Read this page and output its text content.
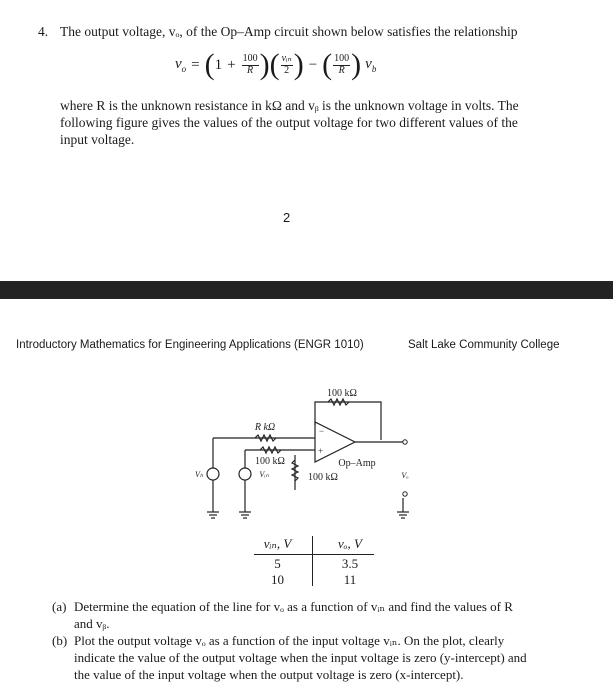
4. The output voltage, vₒ, of the Op–Amp circuit shown below satisfies the relationship
$v_o$ = ( $1 + \frac{100}{R}$ ) ( $\frac{\text{vᵢₙ}}{2}$ ) − ( $\frac{100}{R}$ ) $v_b$
where R is the unknown resistance in kΩ and vᵦ is the unknown voltage in volts. The
following figure gives the values of the output voltage for two different values of the
input voltage.
2
Introductory Mathematics for Engineering Applications (ENGR 1010)	Salt Lake Community College
100 kΩ
R kΩ
100 kΩ	Op–Amp
100 kΩ
Vₕ	Vᵢₙ	Vₒ
−
+
vᵢₙ, V	vₒ, V
5	3.5
10	11
(a) Determine the equation of the line for vₒ as a function of vᵢₙ and find the values of R
and vᵦ.
(b) Plot the output voltage vₒ as a function of the input voltage vᵢₙ. On the plot, clearly
indicate the value of the output voltage when the input voltage is zero (y-intercept) and
the value of the input voltage when the output voltage is zero (x-intercept).
